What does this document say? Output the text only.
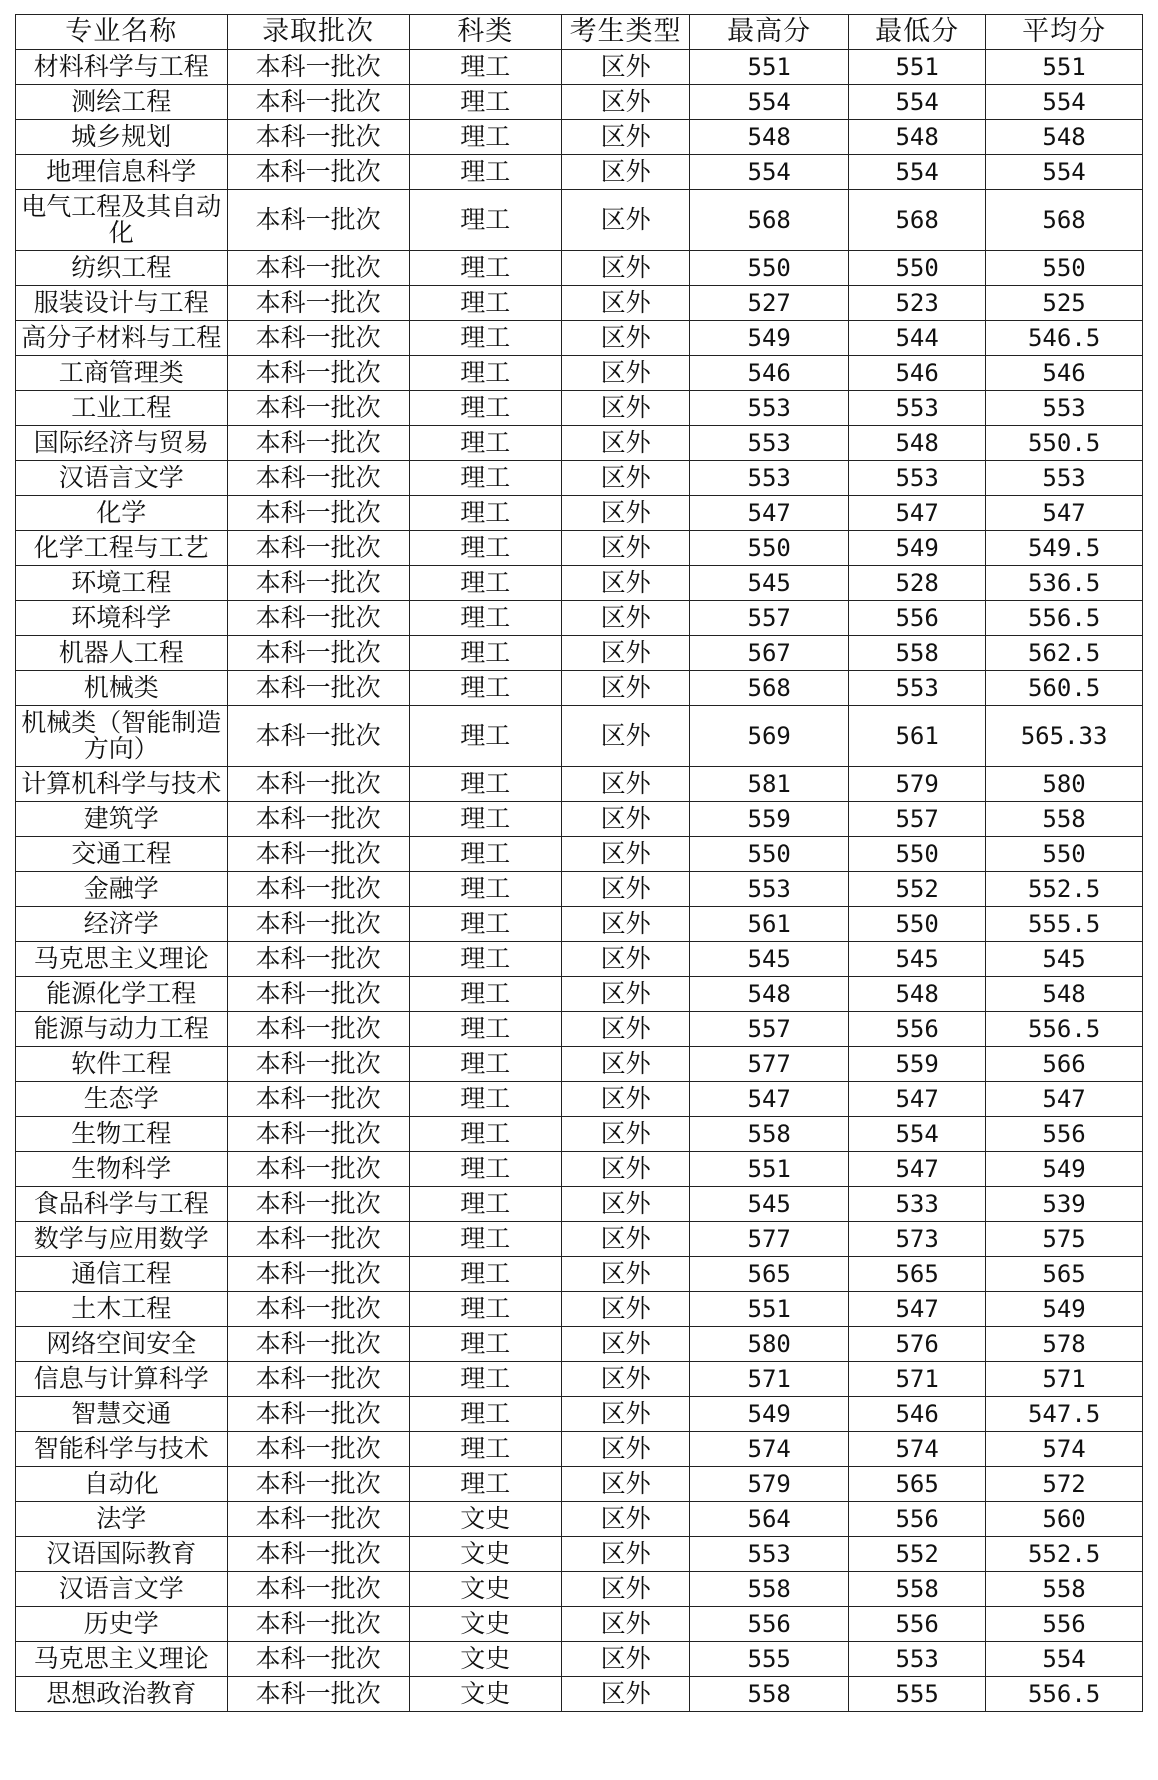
专业名称	录取批次	科类	考生类型	最高分	最低分	平均分
材料科学与工程	本科一批次	理工	区外	551	551	551
测绘工程	本科一批次	理工	区外	554	554	554
城乡规划	本科一批次	理工	区外	548	548	548
地理信息科学	本科一批次	理工	区外	554	554	554
电气工程及其自动化	本科一批次	理工	区外	568	568	568
纺织工程	本科一批次	理工	区外	550	550	550
服装设计与工程	本科一批次	理工	区外	527	523	525
高分子材料与工程	本科一批次	理工	区外	549	544	546.5
工商管理类	本科一批次	理工	区外	546	546	546
工业工程	本科一批次	理工	区外	553	553	553
国际经济与贸易	本科一批次	理工	区外	553	548	550.5
汉语言文学	本科一批次	理工	区外	553	553	553
化学	本科一批次	理工	区外	547	547	547
化学工程与工艺	本科一批次	理工	区外	550	549	549.5
环境工程	本科一批次	理工	区外	545	528	536.5
环境科学	本科一批次	理工	区外	557	556	556.5
机器人工程	本科一批次	理工	区外	567	558	562.5
机械类	本科一批次	理工	区外	568	553	560.5
机械类（智能制造方向）	本科一批次	理工	区外	569	561	565.33
计算机科学与技术	本科一批次	理工	区外	581	579	580
建筑学	本科一批次	理工	区外	559	557	558
交通工程	本科一批次	理工	区外	550	550	550
金融学	本科一批次	理工	区外	553	552	552.5
经济学	本科一批次	理工	区外	561	550	555.5
马克思主义理论	本科一批次	理工	区外	545	545	545
能源化学工程	本科一批次	理工	区外	548	548	548
能源与动力工程	本科一批次	理工	区外	557	556	556.5
软件工程	本科一批次	理工	区外	577	559	566
生态学	本科一批次	理工	区外	547	547	547
生物工程	本科一批次	理工	区外	558	554	556
生物科学	本科一批次	理工	区外	551	547	549
食品科学与工程	本科一批次	理工	区外	545	533	539
数学与应用数学	本科一批次	理工	区外	577	573	575
通信工程	本科一批次	理工	区外	565	565	565
土木工程	本科一批次	理工	区外	551	547	549
网络空间安全	本科一批次	理工	区外	580	576	578
信息与计算科学	本科一批次	理工	区外	571	571	571
智慧交通	本科一批次	理工	区外	549	546	547.5
智能科学与技术	本科一批次	理工	区外	574	574	574
自动化	本科一批次	理工	区外	579	565	572
法学	本科一批次	文史	区外	564	556	560
汉语国际教育	本科一批次	文史	区外	553	552	552.5
汉语言文学	本科一批次	文史	区外	558	558	558
历史学	本科一批次	文史	区外	556	556	556
马克思主义理论	本科一批次	文史	区外	555	553	554
思想政治教育	本科一批次	文史	区外	558	555	556.5
